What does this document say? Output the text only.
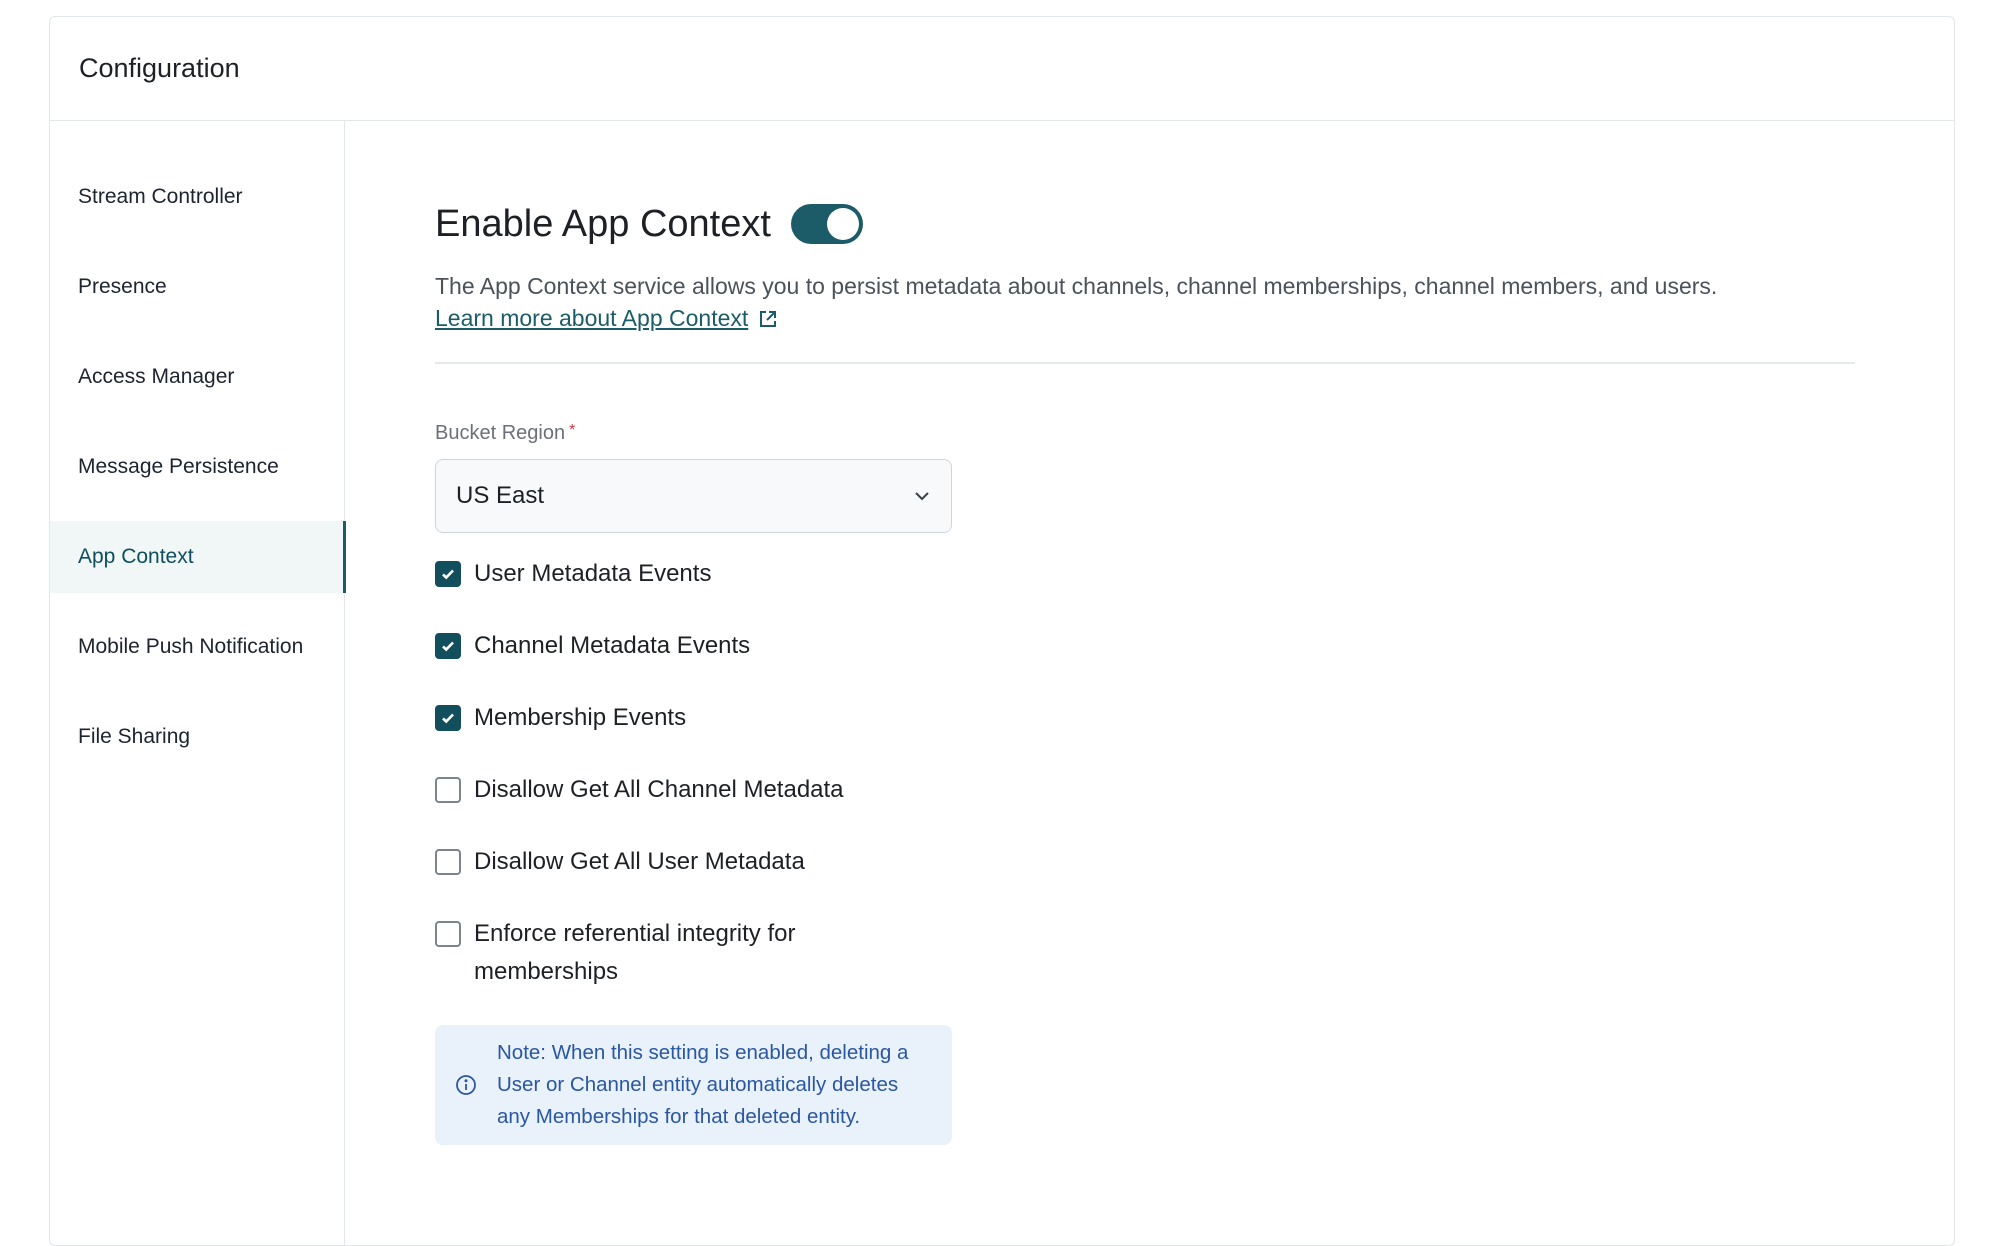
Configuration
Stream Controller
Presence
Access Manager
Message Persistence
App Context
Mobile Push Notification
File Sharing
Enable App Context
The App Context service allows you to persist metadata about channels, channel memberships, channel members, and users.
Learn more about App Context
Bucket Region *
US East
User Metadata Events
Channel Metadata Events
Membership Events
Disallow Get All Channel Metadata
Disallow Get All User Metadata
Enforce referential integrity for memberships
Note: When this setting is enabled, deleting a User or Channel entity automatically deletes any Memberships for that deleted entity.
